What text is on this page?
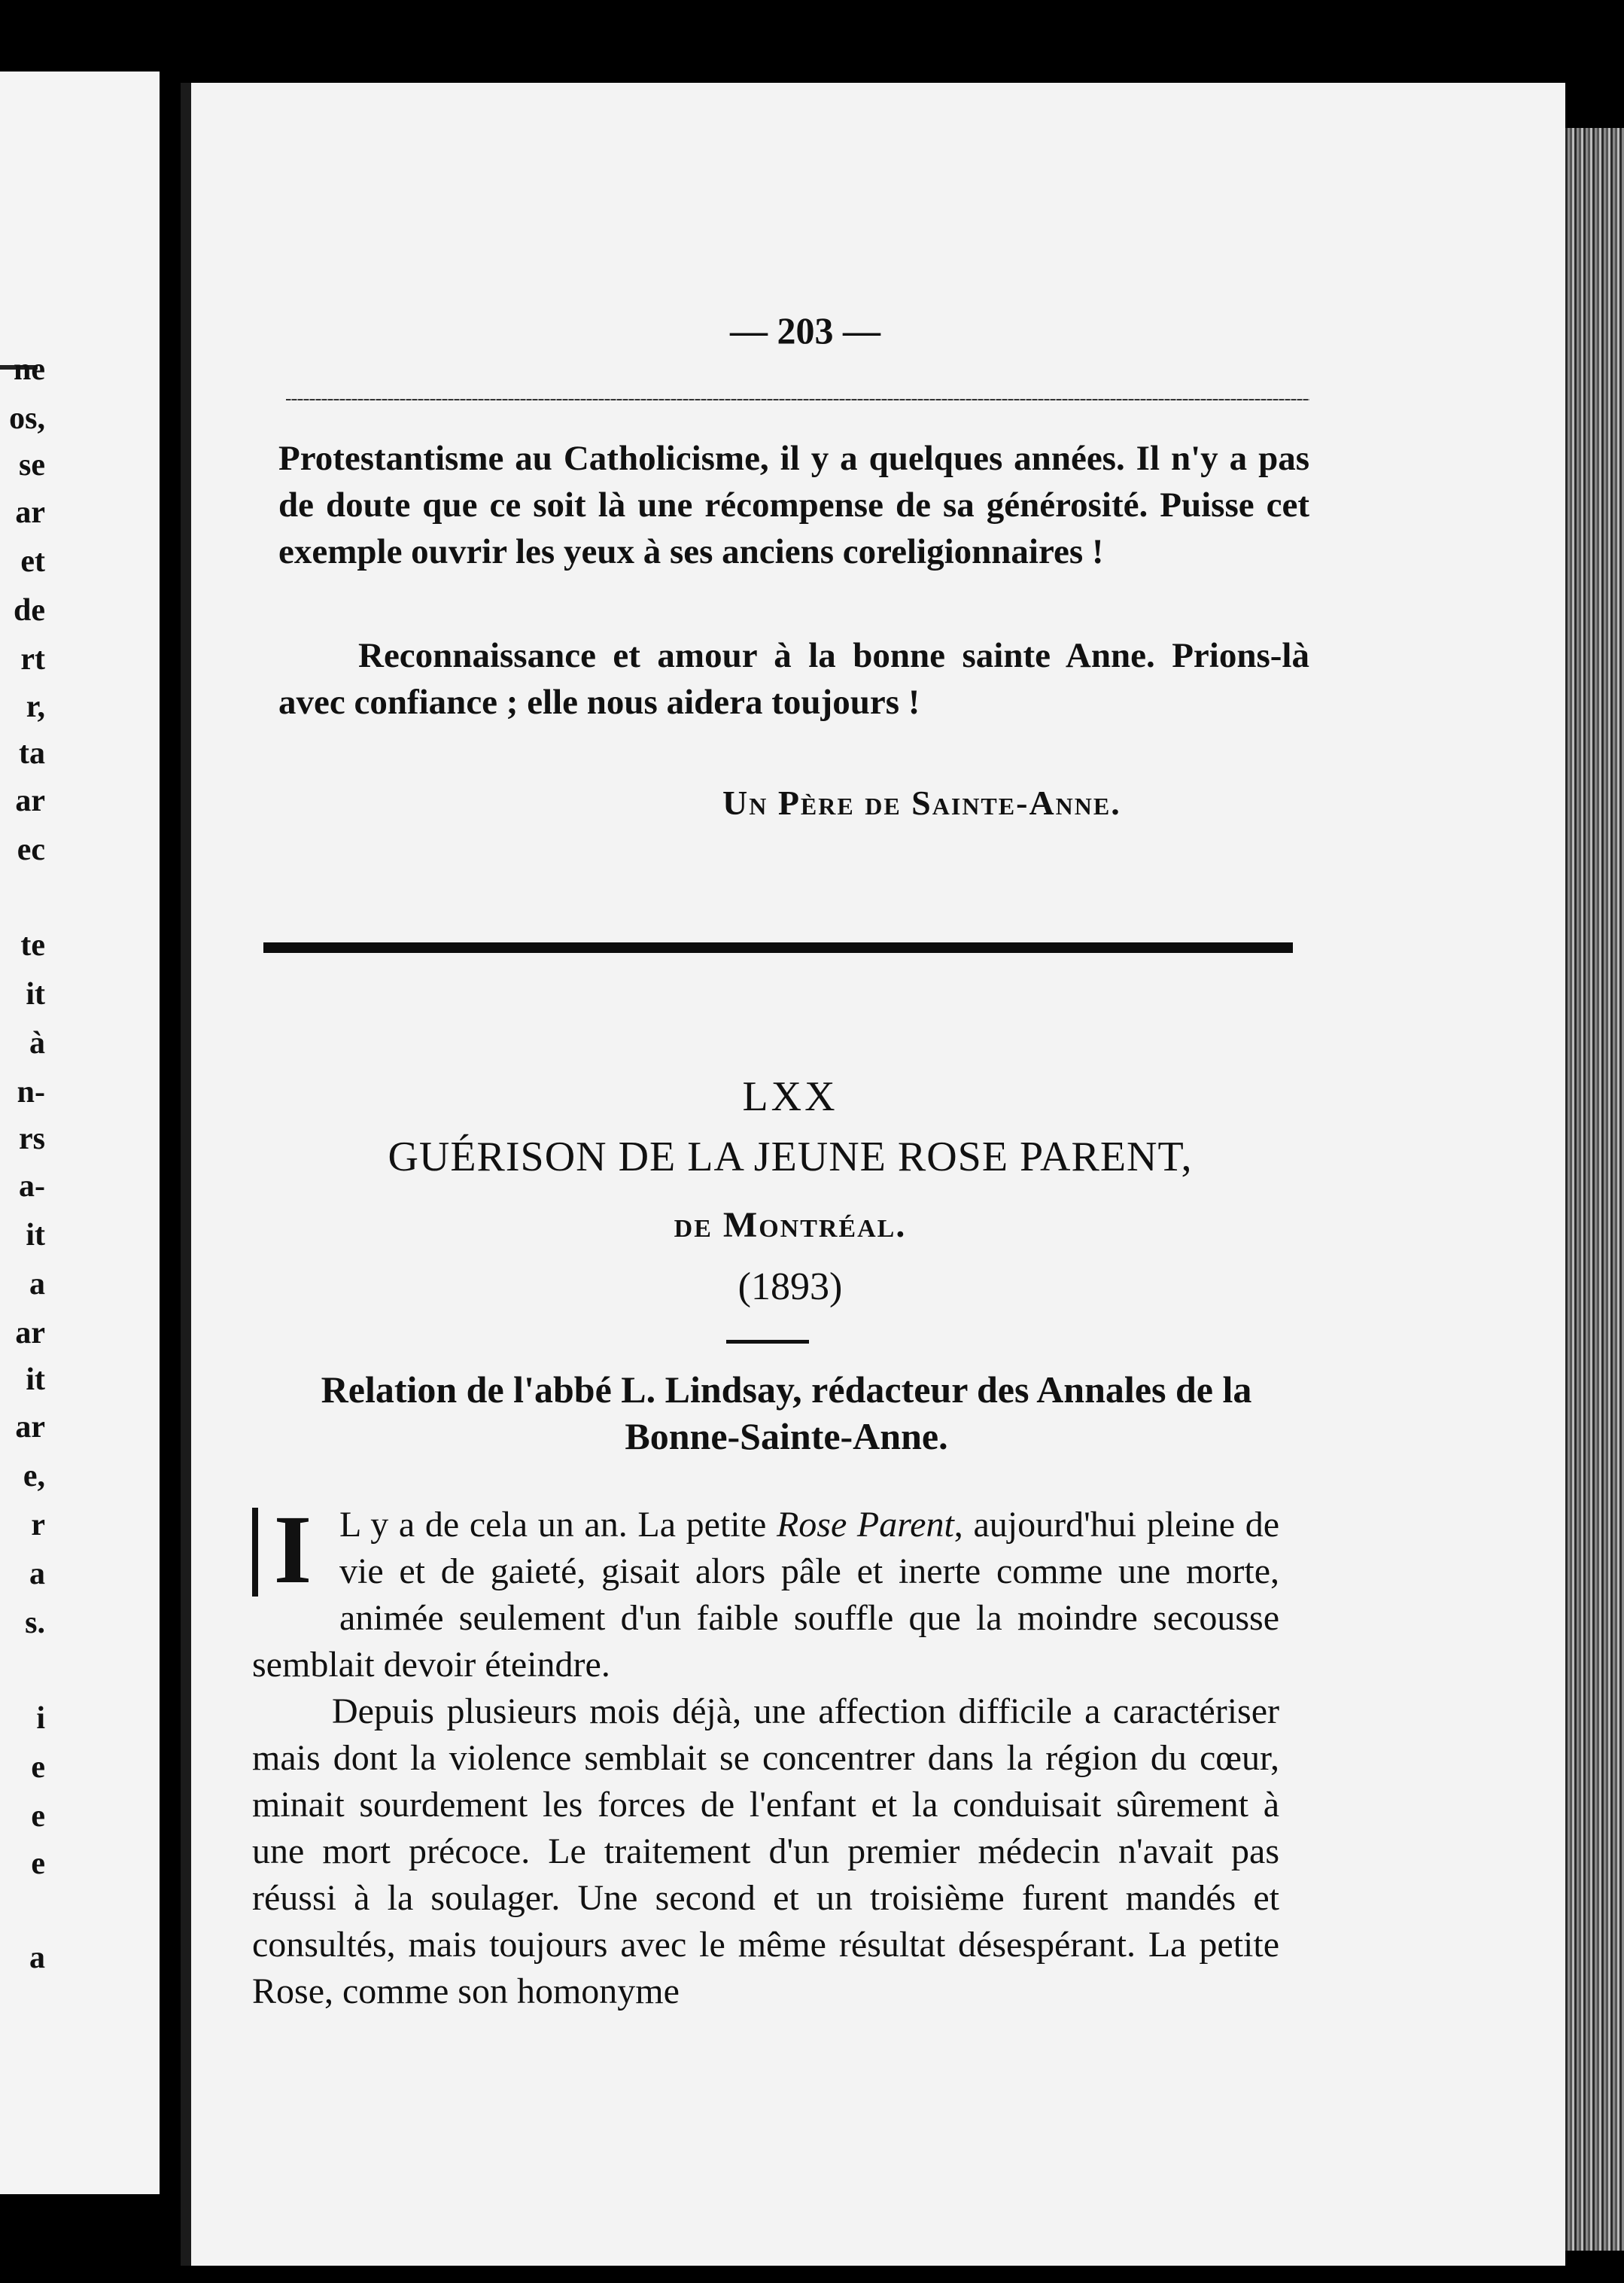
ne
os,
se
ar
et
de
rt
r,
ta
ar
ec
te
it
à
n-
rs
a-
it
a
ar
it
ar
e,
r
a
s.
i
e
e
e
a
— 203 —

Protestantisme au Catholicisme, il y a quelques années. Il n'y a pas de doute que ce soit là une récompense de sa générosité. Puisse cet exemple ouvrir les yeux à ses anciens coreligionnaires !

Reconnaissance et amour à la bonne sainte Anne. Prions-là avec confiance ; elle nous aidera toujours !

Un Père de Sainte-Anne.

LXX

GUÉRISON DE LA JEUNE ROSE PARENT,

de Montréal.

(1893)

Relation de l'abbé L. Lindsay, rédacteur des Annales de la Bonne-Sainte-Anne.

I L y a de cela un an. La petite Rose Parent, aujourd'hui pleine de vie et de gaieté, gisait alors pâle et inerte comme une morte, animée seulement d'un faible souffle que la moindre secousse semblait devoir éteindre.

Depuis plusieurs mois déjà, une affection difficile a caractériser mais dont la violence semblait se concentrer dans la région du cœur, minait sourdement les forces de l'enfant et la conduisait sûrement à une mort précoce. Le traitement d'un premier médecin n'avait pas réussi à la soulager. Une second et un troisième furent mandés et consultés, mais toujours avec le même résultat désespérant. La petite Rose, comme son homonyme
